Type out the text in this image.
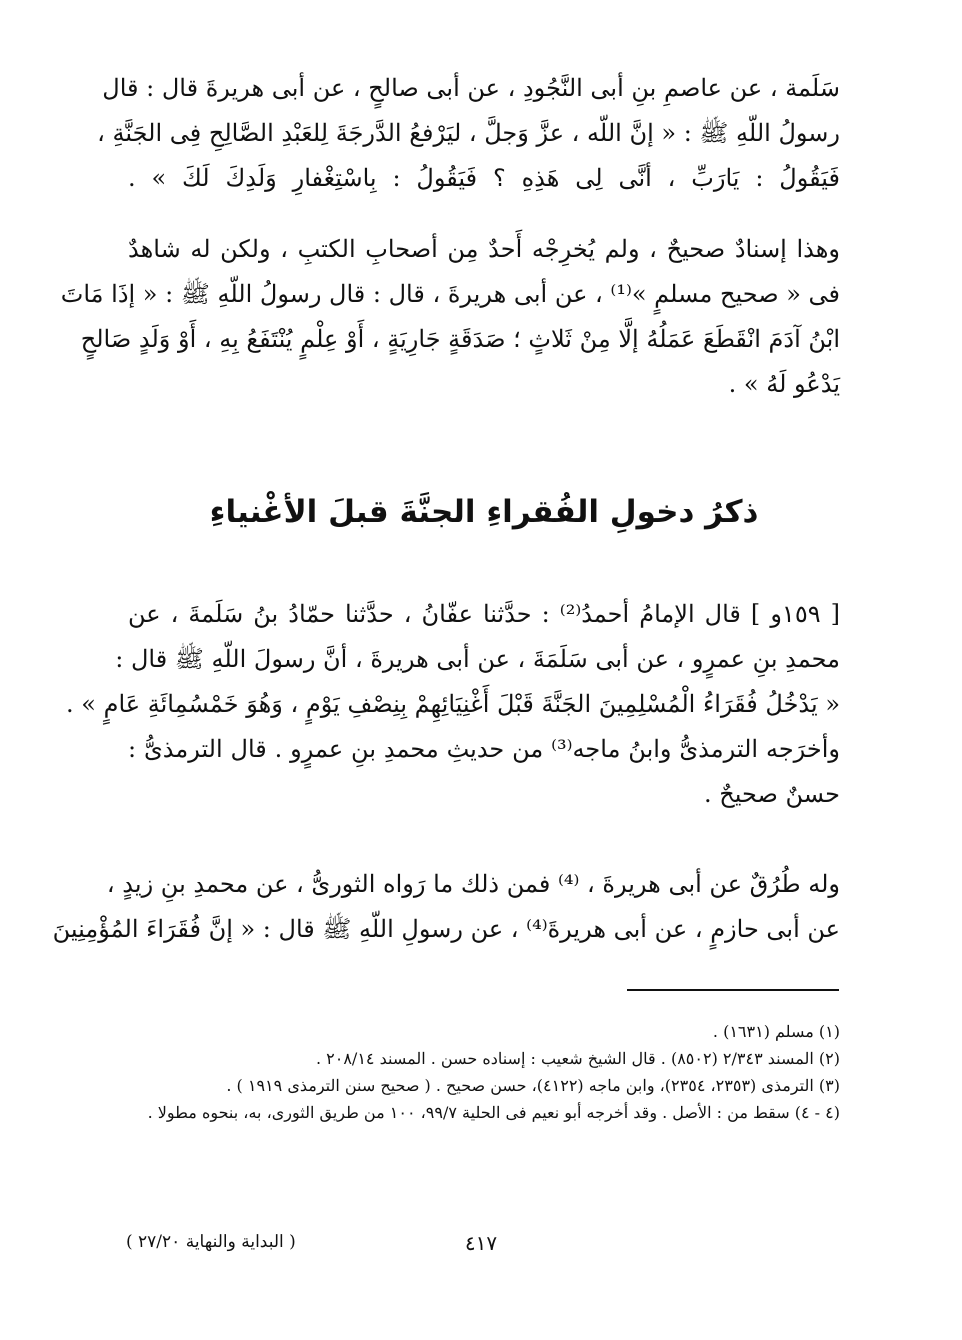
سَلَمة ، عن عاصمِ بنِ أبى النَّجُودِ ، عن أبى صالحٍ ، عن أبى هريرةَ قال : قال
رسولُ اللّهِ ﷺ : « إنَّ اللّه ، عزَّ وَجلَّ ، ليَرْفعُ الدَّرجَةَ لِلعَبْدِ الصَّالِحِ فِى الجَنَّةِ ،
فَيَقُولُ : يَارَبِّ ، أنَّى لِى هَذِهِ ؟ فَيَقُولُ : بِاسْتِغْفارِ وَلَدِكَ لَكَ » .
وهذا إسنادٌ صحيحٌ ، ولم يُخرِجْه أَحدٌ مِن أصحابِ الكتبِ ، ولكن له شاهدٌ
فى « صحيح مسلمٍ »⁽¹⁾ ، عن أبى هريرةَ ، قال : قال رسولُ اللّهِ ﷺ : « إذَا مَاتَ
ابْنُ آدَمَ انْقَطَعَ عَمَلُهُ إلَّا مِنْ ثَلاثٍ ؛ صَدَقَةٍ جَارِيَةٍ ، أَوْ عِلْمٍ يُنْتَفَعُ بِهِ ، أَوْ وَلَدٍ صَالحٍ
يَدْعُو لَهُ » .
ذكرُ دخولِ الفُقراءِ الجنَّةَ قبلَ الأغْنياءِ
[ ١٥٩و ] قال الإمامُ أحمدُ⁽²⁾ : حدَّثنا عفّانُ ، حدَّثنا حمّادُ بنُ سَلَمةَ ، عن
محمدِ بنِ عمرٍو ، عن أبى سَلَمَةَ ، عن أبى هريرةَ ، أنَّ رسولَ اللّهِ ﷺ قال :
« يَدْخُلُ فُقَرَاءُ الْمُسْلِمِينَ الجَنَّةَ قَبْلَ أَغْنِيَائِهِمْ بِنِصْفِ يَوْمٍ ، وَهُوَ خَمْسُمِائَةِ عَامٍ » .
وأخرَجه الترمذىُّ وابنُ ماجه⁽³⁾ من حديثِ محمدِ بنِ عمرٍو . قال الترمذىُّ :
حسنٌ صحيحٌ .
وله طُرُقٌ عن أبى هريرةَ ، ⁽⁴⁾ فمن ذلك ما رَواه الثورىُّ ، عن محمدِ بنِ زيدٍ ،
عن أبى حازمٍ ، عن أبى هريرةَ⁽⁴⁾ ، عن رسولِ اللّهِ ﷺ قال : « إنَّ فُقَرَاءَ المُؤْمِنِينَ
(١) مسلم (١٦٣١) .
(٢) المسند ٢/٣٤٣ (٨٥٠٢) . قال الشيخ شعيب : إسناده حسن . المسند ٢٠٨/١٤ .
(٣) الترمذى (٢٣٥٣، ٢٣٥٤)، وابن ماجه (٤١٢٢)، حسن صحيح . ( صحيح سنن الترمذى ١٩١٩ ) .
(٤ - ٤) سقط من : الأصل . وقد أخرجه أبو نعيم فى الحلية ٩٩/٧، ١٠٠ من طريق الثورى، به، بنحوه مطولا .
( البداية والنهاية ٢٧/٢٠ )	٤١٧
